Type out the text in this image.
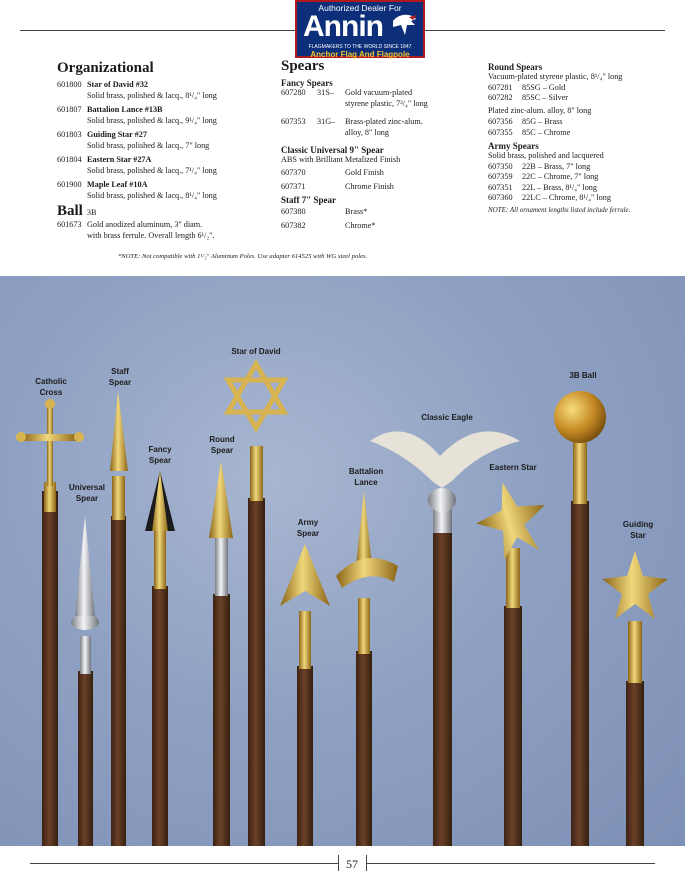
Authorized Dealer For
Annin
FLAGMAKERS TO THE WORLD SINCE 1847
Anchor Flag And Flagpole
Organizational
601800 Star of David #32
Solid brass, polished & lacq., 8¹/₄" long
601807 Battalion Lance #13B
Solid brass, polished & lacq., 9¹/₄" long
601803 Guiding Star #27
Solid brass, polished & lacq., 7" long
601804 Eastern Star #27A
Solid brass, polished & lacq., 7¹/₄" long
601900 Maple Leaf #10A
Solid brass, polished & lacq., 8¹/₄" long
Ball 3B
601673 Gold anodized aluminum, 3" diam.
with brass ferrule. Overall length 6¹/₂".
*NOTE: Not compatible with 1¹/₂" Aluminum Poles. Use adapter 614525 with WG steel poles.
Spears
Fancy Spears
607280 31S– Gold vacuum-plated
styrene plastic, 7³/₄" long
607353 31G– Brass-plated zinc-alum.
alloy, 8" long
Classic Universal 9" Spear
ABS with Brilliant Metalized Finish
607370	Gold Finish
607371	Chrome Finish
Staff 7" Spear
607380	Brass*
607382	Chrome*
Round Spears
Vacuum-plated styrene plastic, 8¹/₄" long
607281 85SG – Gold
607282 85SC – Silver
Plated zinc-alum. alloy, 8" long
607356 85G – Brass
607355 85C – Chrome
Army Spears
Solid brass, polished and lacquered
607350 22B – Brass, 7" long
607359 22C – Chrome, 7" long
607351 22L – Brass, 8¹/₄" long
607360 22LC – Chrome, 8¹/₄" long
NOTE: All ornament lengths listed include ferrule.
Catholic
Cross
Universal
Spear
Staff
Spear
Fancy
Spear
Round
Spear
Star of David
Army
Spear
Battalion
Lance
Classic Eagle
Eastern Star
3B Ball
Guiding
Star
57
